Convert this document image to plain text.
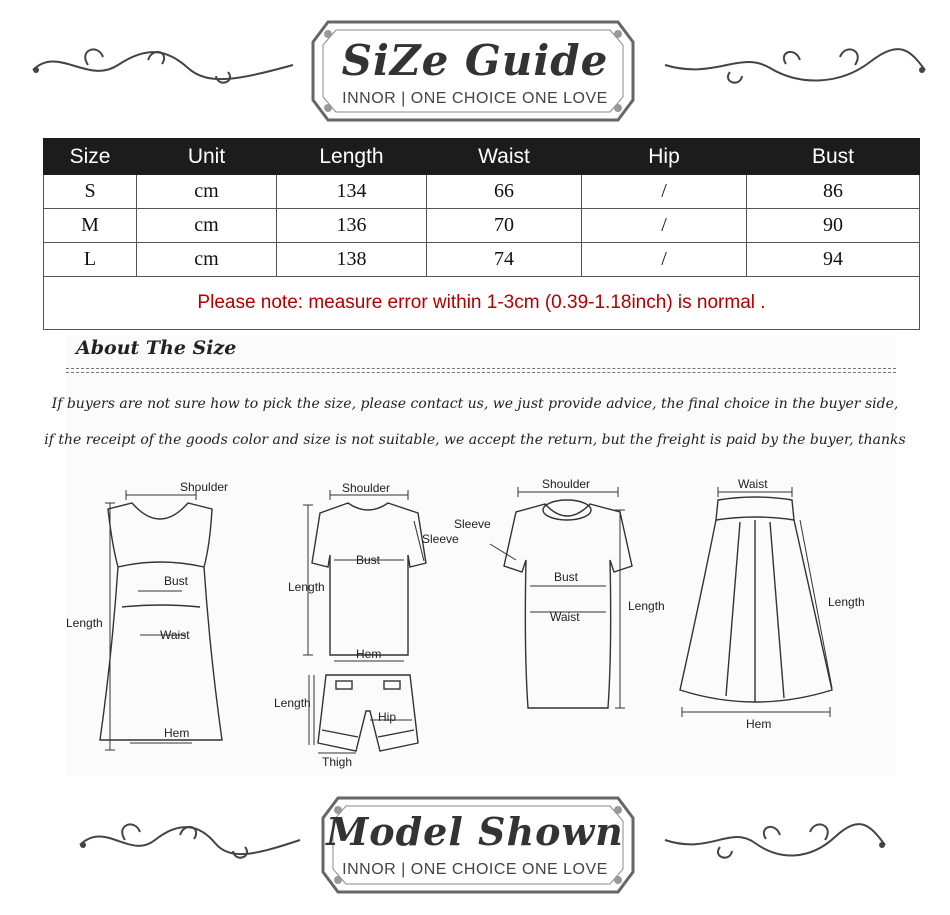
SiZe Guide
INNOR | ONE CHOICE ONE LOVE
Size	Unit	Length	Waist	Hip	Bust
S	cm	134	66	/	86
M	cm	136	70	/	90
L	cm	138	74	/	94
Please note: measure error within 1-3cm (0.39-1.18inch) is normal .					
About The Size
If buyers are not sure how to pick the size, please contact us, we just provide advice, the final choice in the buyer side,
if the receipt of the goods color and size is not suitable, we accept the return, but the freight is paid by the buyer, thanks
Shoulder
Bust
Waist
Length
Hem
Shoulder
Sleeve
Bust
Length
Hem
Length
Hip
Thigh
Shoulder
Sleeve
Bust
Waist
Length
Waist
Length
Hem
Model Shown
INNOR | ONE CHOICE ONE LOVE
